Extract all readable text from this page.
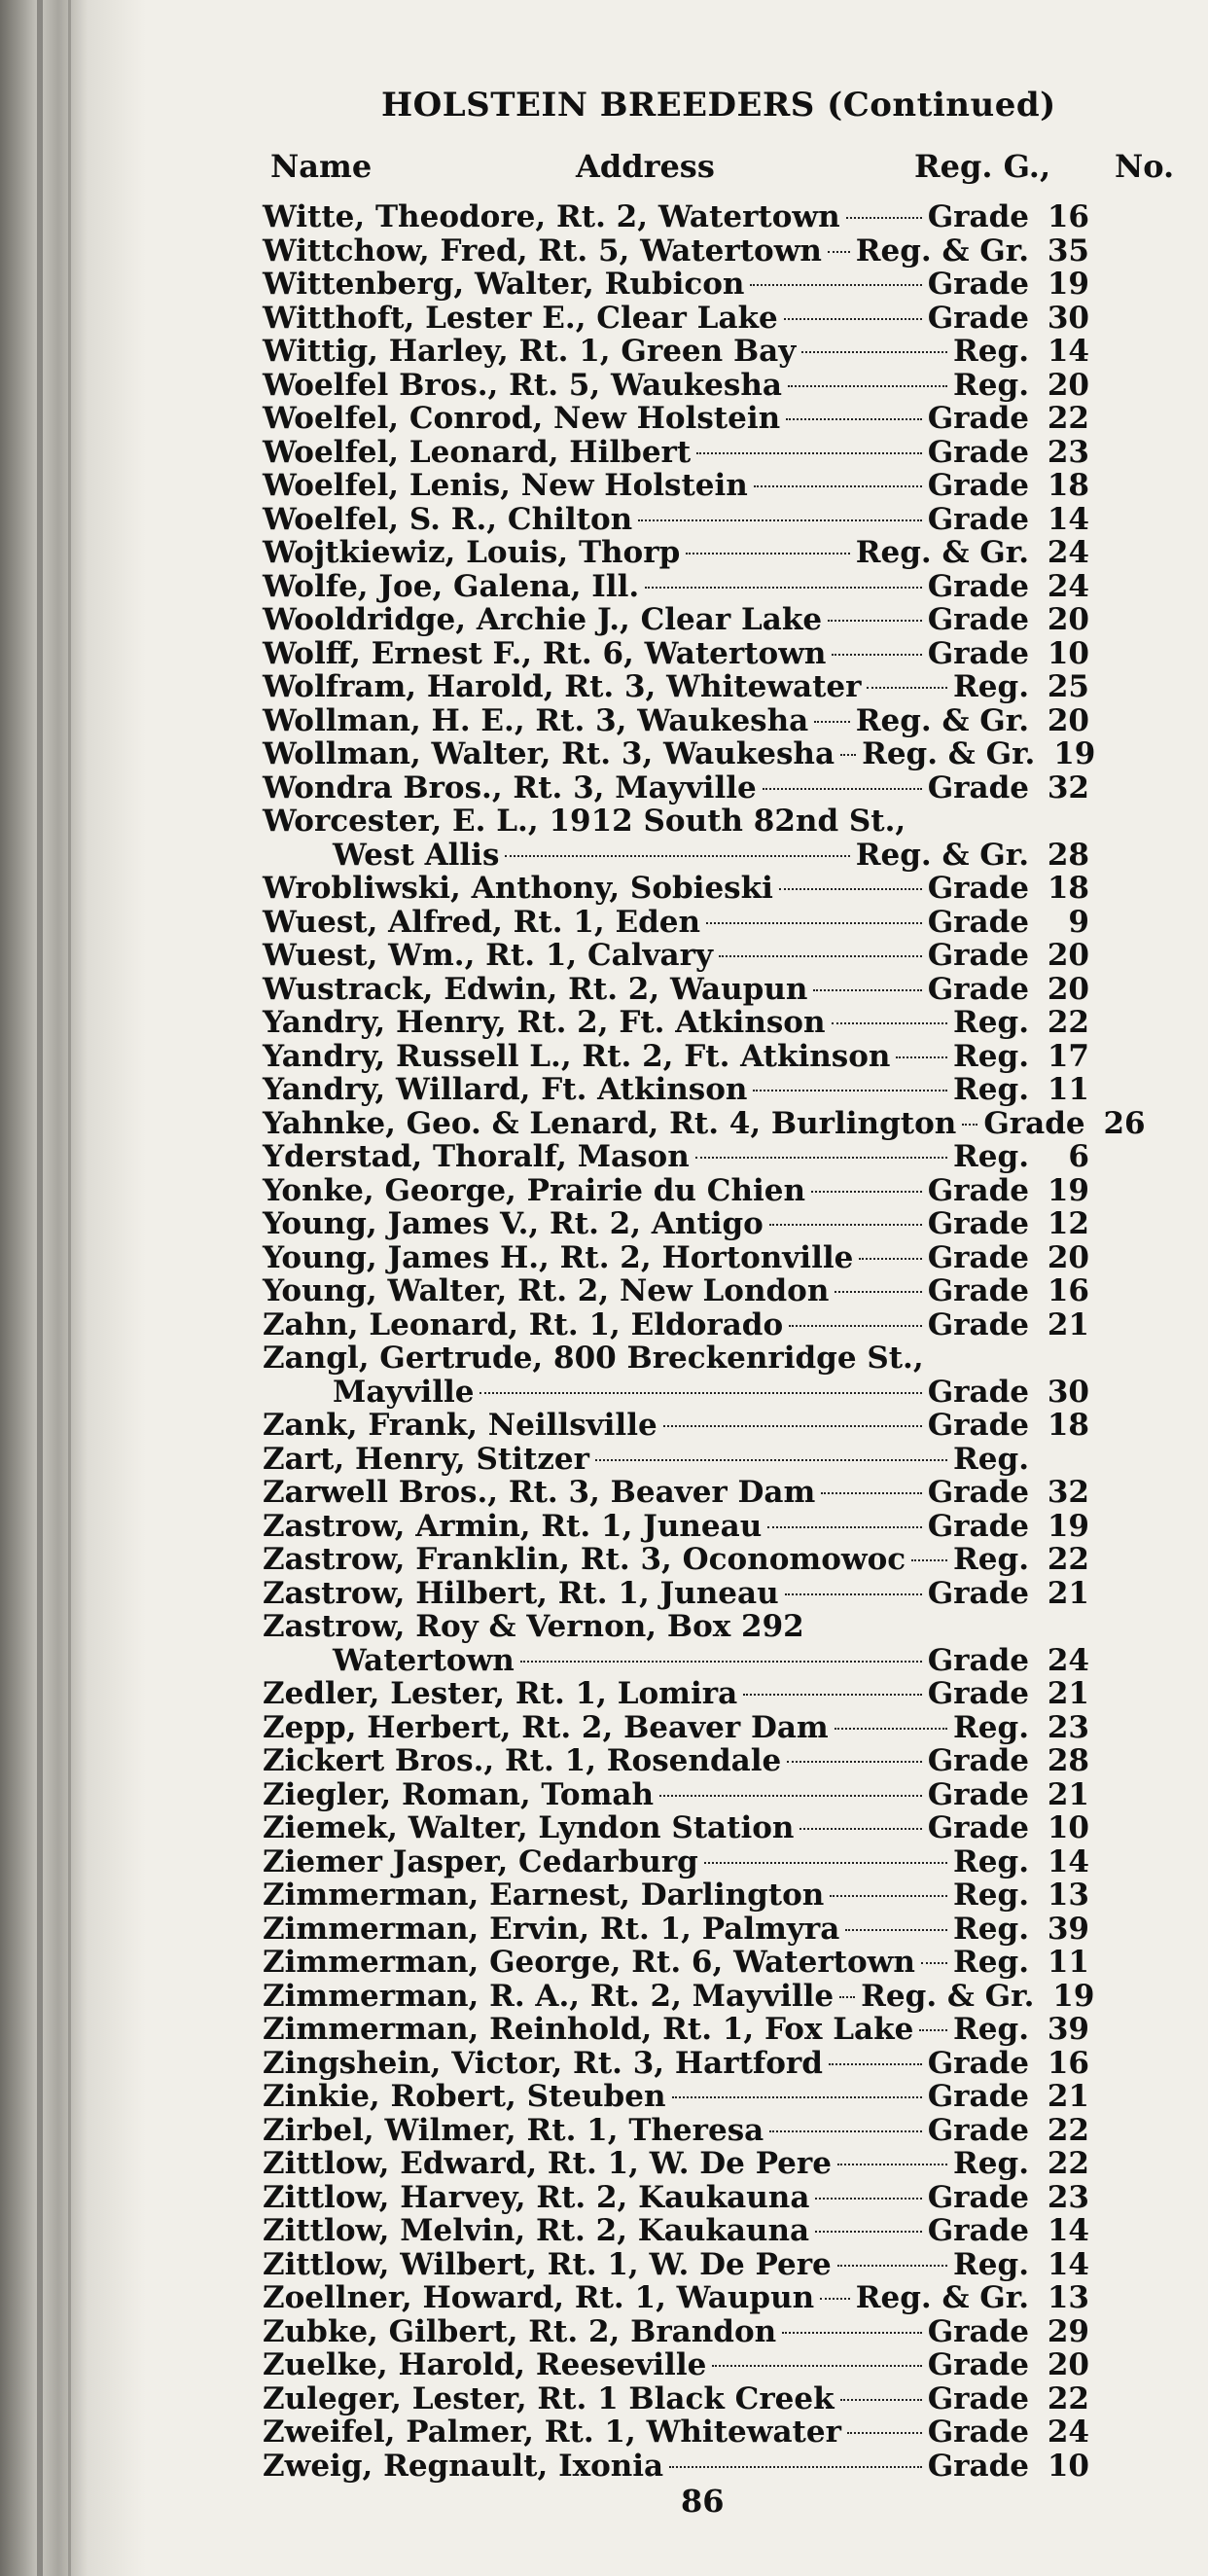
HOLSTEIN BREEDERS (Continued)
Name	Address	Reg. G., No.
Witte, Theodore, Rt. 2, Watertown	Grade 16
Wittchow, Fred, Rt. 5, Watertown Reg. & Gr. 35
Wittenberg, Walter, Rubicon	Grade 19
Witthoft, Lester E., Clear Lake	Grade 30
Wittig, Harley, Rt. 1, Green Bay	Reg. 14
Woelfel Bros., Rt. 5, Waukesha	Reg. 20
Woelfel, Conrod, New Holstein	Grade 22
Woelfel, Leonard, Hilbert	Grade 23
Woelfel, Lenis, New Holstein	Grade 18
Woelfel, S. R., Chilton	Grade 14
Wojtkiewiz, Louis, Thorp	Reg. & Gr. 24
Wolfe, Joe, Galena, Ill.	Grade 24
Wooldridge, Archie J., Clear Lake	Grade 20
Wolff, Ernest F., Rt. 6, Watertown	Grade 10
Wolfram, Harold, Rt. 3, Whitewater	Reg. 25
Wollman, H. E., Rt. 3, Waukesha Reg. & Gr. 20
Wollman, Walter, Rt. 3, Waukesha Reg. & Gr. 19
Wondra Bros., Rt. 3, Mayville	Grade 32
Worcester, E. L., 1912 South 82nd St.,
West Allis	Reg. & Gr. 28
Wrobliwski, Anthony, Sobieski	Grade 18
Wuest, Alfred, Rt. 1, Eden	Grade	9
Wuest, Wm., Rt. 1, Calvary	Grade 20
Wustrack, Edwin, Rt. 2, Waupun	Grade 20
Yandry, Henry, Rt. 2, Ft. Atkinson	Reg. 22
Yandry, Russell L., Rt. 2, Ft. Atkinson Reg. 17
Yandry, Willard, Ft. Atkinson	Reg. 11
Yahnke, Geo. & Lenard, Rt. 4, Burlington Grade 26
Yderstad, Thoralf, Mason	Reg.	6
Yonke, George, Prairie du Chien	Grade 19
Young, James V., Rt. 2, Antigo	Grade 12
Young, James H., Rt. 2, Hortonville Grade 20
Young, Walter, Rt. 2, New London	Grade 16
Zahn, Leonard, Rt. 1, Eldorado	Grade 21
Zangl, Gertrude, 800 Breckenridge St.,
Mayville	Grade 30
Zank, Frank, Neillsville	Grade 18
Zart, Henry, Stitzer	Reg.
Zarwell Bros., Rt. 3, Beaver Dam	Grade 32
Zastrow, Armin, Rt. 1, Juneau	Grade 19
Zastrow, Franklin, Rt. 3, Oconomowoc Reg. 22
Zastrow, Hilbert, Rt. 1, Juneau	Grade 21
Zastrow, Roy & Vernon, Box 292
Watertown	Grade 24
Zedler, Lester, Rt. 1, Lomira	Grade 21
Zepp, Herbert, Rt. 2, Beaver Dam	Reg. 23
Zickert Bros., Rt. 1, Rosendale	Grade 28
Ziegler, Roman, Tomah	Grade 21
Ziemek, Walter, Lyndon Station	Grade 10
Ziemer Jasper, Cedarburg	Reg. 14
Zimmerman, Earnest, Darlington	Reg. 13
Zimmerman, Ervin, Rt. 1, Palmyra	Reg. 39
Zimmerman, George, Rt. 6, Watertown Reg. 11
Zimmerman, R. A., Rt. 2, Mayville Reg. & Gr. 19
Zimmerman, Reinhold, Rt. 1, Fox Lake Reg. 39
Zingshein, Victor, Rt. 3, Hartford	Grade 16
Zinkie, Robert, Steuben	Grade 21
Zirbel, Wilmer, Rt. 1, Theresa	Grade 22
Zittlow, Edward, Rt. 1, W. De Pere	Reg. 22
Zittlow, Harvey, Rt. 2, Kaukauna	Grade 23
Zittlow, Melvin, Rt. 2, Kaukauna	Grade 14
Zittlow, Wilbert, Rt. 1, W. De Pere	Reg. 14
Zoellner, Howard, Rt. 1, Waupun Reg. & Gr. 13
Zubke, Gilbert, Rt. 2, Brandon	Grade 29
Zuelke, Harold, Reeseville	Grade 20
Zuleger, Lester, Rt. 1 Black Creek	Grade 22
Zweifel, Palmer, Rt. 1, Whitewater	Grade 24
Zweig, Regnault, Ixonia	Grade 10
86
